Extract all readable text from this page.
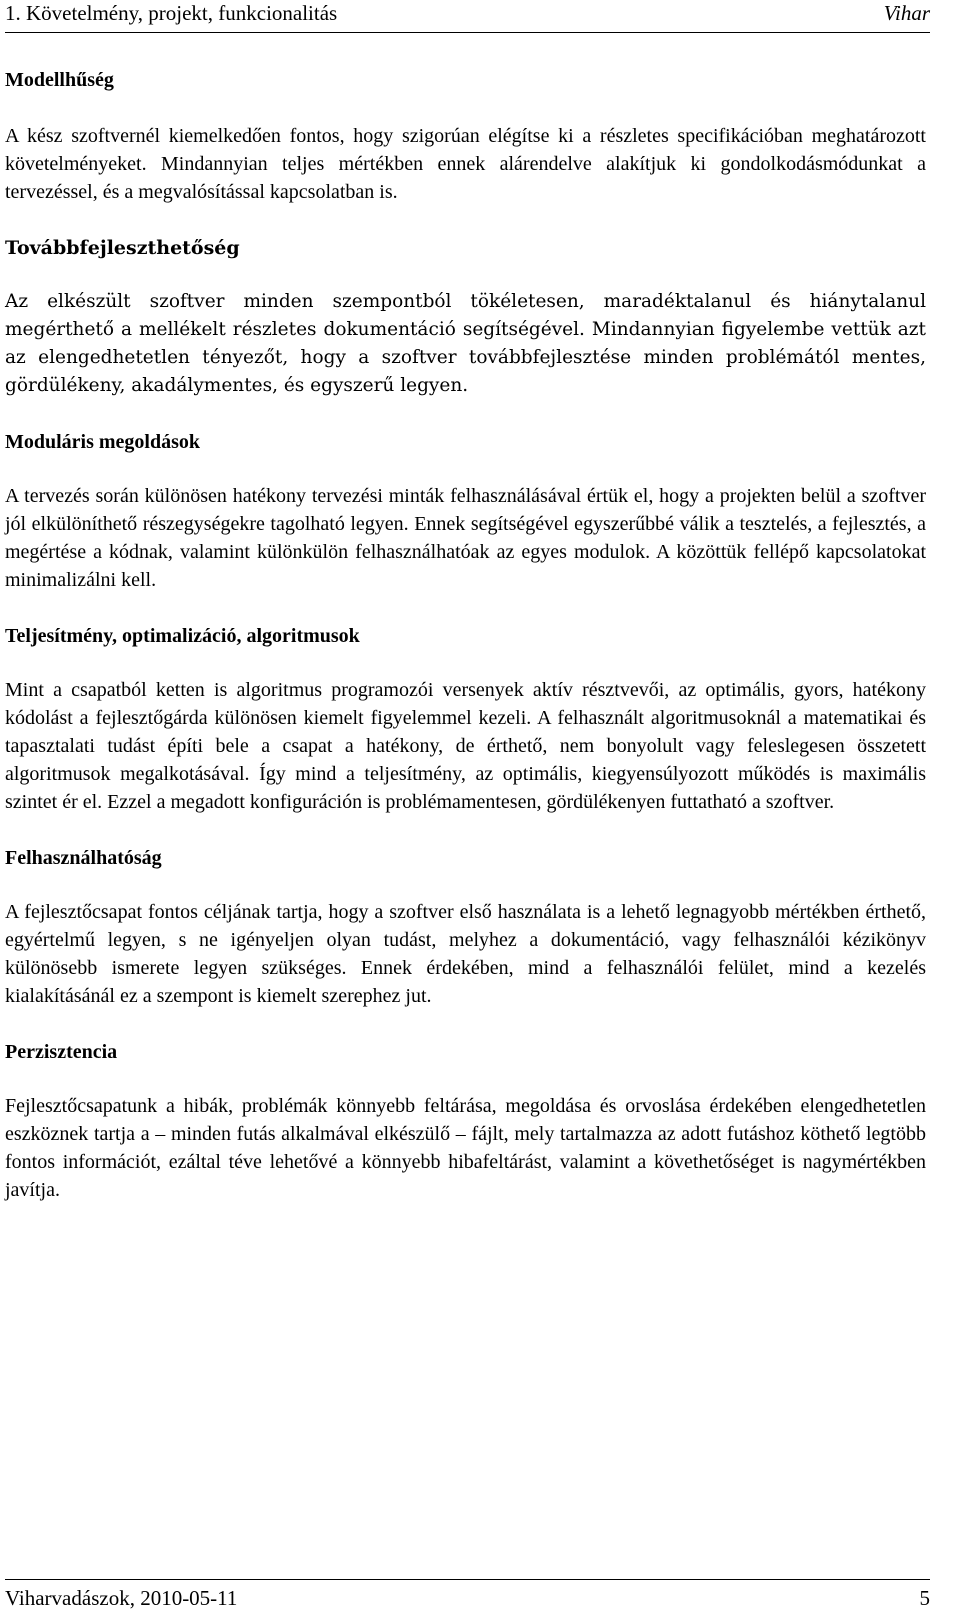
1. Követelmény, projekt, funkcionalitás	Vihar
Modellhűség

A kész szoftvernél kiemelkedően fontos, hogy szigorúan elégítse ki a részletes specifikációban meghatározott követelményeket. Mindannyian teljes mértékben ennek alárendelve alakítjuk ki gondolkodásmódunkat a tervezéssel, és a megvalósítással kapcsolatban is.

Továbbfejleszthetőség

Az elkészült szoftver minden szempontból tökéletesen, maradéktalanul és hiánytalanul megérthető a mellékelt részletes dokumentáció segítségével. Mindannyian figyelembe vettük azt az elengedhetetlen tényezőt, hogy a szoftver továbbfejlesztése minden problémától mentes, gördülékeny, akadálymentes, és egyszerű legyen.

Moduláris megoldások

A tervezés során különösen hatékony tervezési minták felhasználásával értük el, hogy a projekten belül a szoftver jól elkülöníthető részegységekre tagolható legyen. Ennek segítségével egyszerűbbé válik a tesztelés, a fejlesztés, a megértése a kódnak, valamint különkülön felhasználhatóak az egyes modulok. A közöttük fellépő kapcsolatokat minimalizálni kell.

Teljesítmény, optimalizáció, algoritmusok

Mint a csapatból ketten is algoritmus programozói versenyek aktív résztvevői, az optimális, gyors, hatékony kódolást a fejlesztőgárda különösen kiemelt figyelemmel kezeli. A felhasznált algoritmusoknál a matematikai és tapasztalati tudást építi bele a csapat a hatékony, de érthető, nem bonyolult vagy feleslegesen összetett algoritmusok megalkotásával. Így mind a teljesítmény, az optimális, kiegyensúlyozott működés is maximális szintet ér el. Ezzel a megadott konfiguráción is problémamentesen, gördülékenyen futtatható a szoftver.

Felhasználhatóság

A fejlesztőcsapat fontos céljának tartja, hogy a szoftver első használata is a lehető legnagyobb mértékben érthető, egyértelmű legyen, s ne igényeljen olyan tudást, melyhez a dokumentáció, vagy felhasználói kézikönyv különösebb ismerete legyen szükséges. Ennek érdekében, mind a felhasználói felület, mind a kezelés kialakításánál ez a szempont is kiemelt szerephez jut.

Perzisztencia

Fejlesztőcsapatunk a hibák, problémák könnyebb feltárása, megoldása és orvoslása érdekében elengedhetetlen eszköznek tartja a – minden futás alkalmával elkészülő – fájlt, mely tartalmazza az adott futáshoz köthető legtöbb fontos információt, ezáltal téve lehetővé a könnyebb hibafeltárást, valamint a követhetőséget is nagymértékben javítja.

Viharvadászok, 2010-05-11	5
